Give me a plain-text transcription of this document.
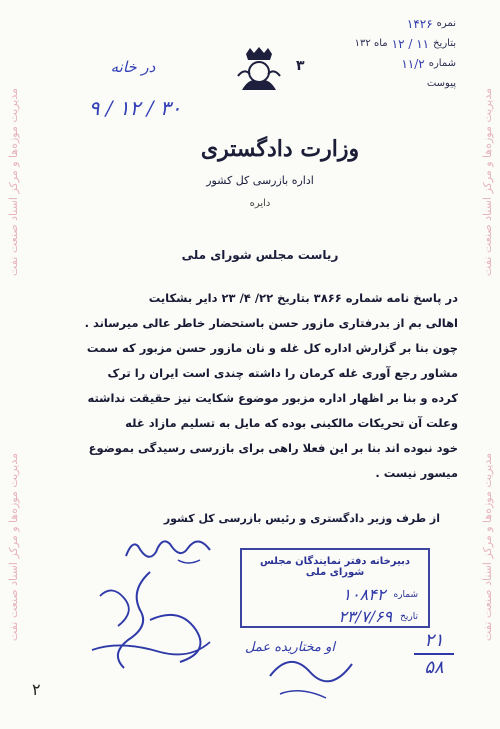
مدیریت موزه‌ها و مرکز اسناد صنعت نفت
مدیریت موزه‌ها و مرکز اسناد صنعت نفت
مدیریت موزه‌ها و مرکز اسناد صنعت نفت
مدیریت موزه‌ها و مرکز اسناد صنعت نفت
نمره
۱۴۲۶
بتاریخ
۱۱ / ۱۲
ماه ۱۳۲
شماره
۱۱/۲
پیوست
۳
در خانه
۹ / ۱۲ / ۳۰
وزارت دادگستری
اداره بازرسی کل کشور
دایره
ریاست مجلس شورای ملی

در پاسخ نامه شماره ۳۸۶۶ بتاریخ ۲۲/ ۴/ ۲۳ دایر بشکایت

اهالی بم از بدرفتاری مازور حسن باستحضار خاطر عالی میرساند .

چون بنا بر گزارش اداره کل غله و نان مازور حسن مزبور که سمت

مشاور رجع آوری غله کرمان را داشته چندی است ایران را ترک

کرده و بنا بر اظهار اداره مزبور موضوع شکایت نیز حقیقت نداشته

وعلت آن تحریکات مالکینی بوده که مایل به تسلیم مازاد غله

خود نبوده اند بنا بر این فعلا راهی برای بازرسی رسیدگی بموضوع

میسور نیست .

از طرف وزیر دادگستری و رئیس بازرسی کل کشور
دبیرخانه دفتر نمایندگان مجلس شورای ملی
شماره
۱۰۸۴۲
تاریخ
۲۳/۷/۶۹
او مختاریده عمل	۲۱
۵۸
۲
